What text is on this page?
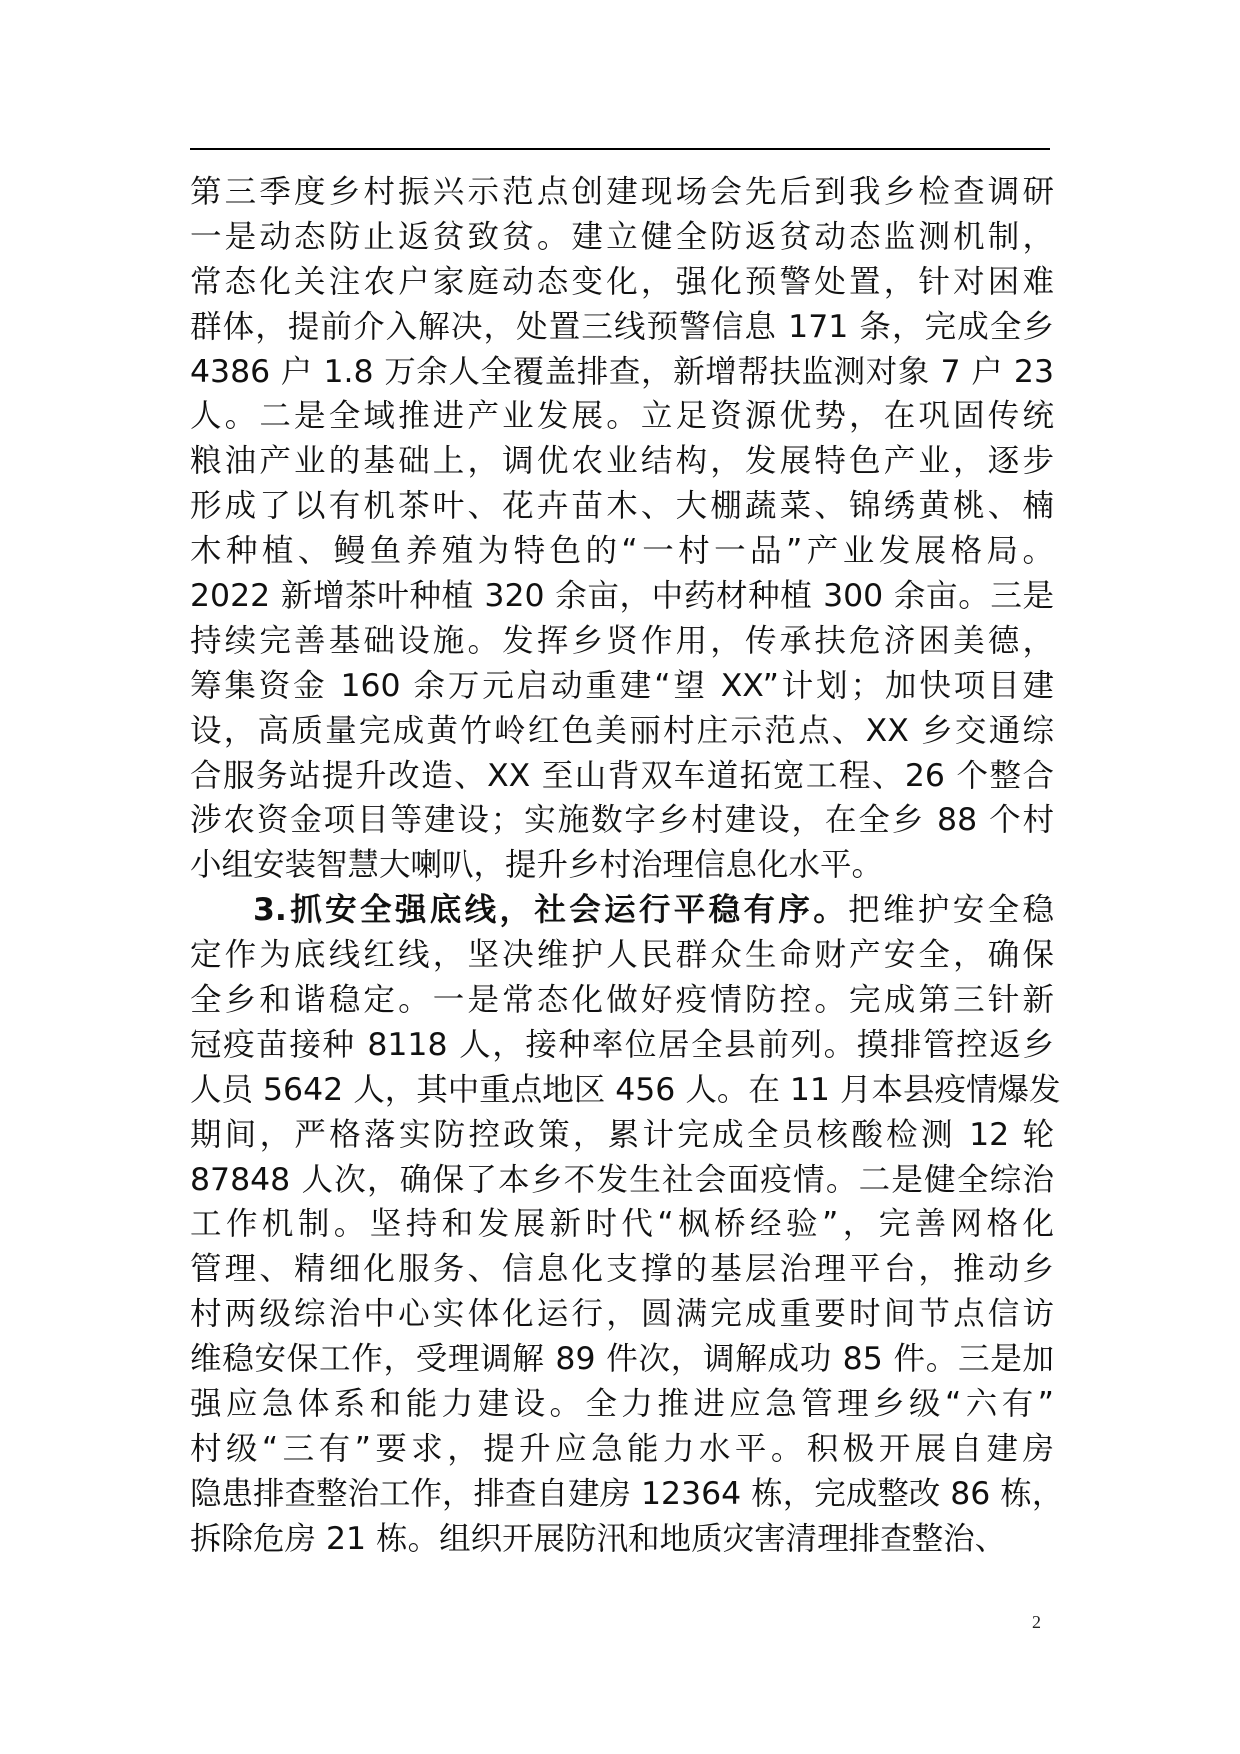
第三季度乡村振兴示范点创建现场会先后到我乡检查调研
一是动态防止返贫致贫。建立健全防返贫动态监测机制，
常态化关注农户家庭动态变化，强化预警处置，针对困难
群体，提前介入解决，处置三线预警信息 171 条，完成全乡
4386 户 1.8 万余人全覆盖排查，新增帮扶监测对象 7 户 23
人。二是全域推进产业发展。立足资源优势，在巩固传统
粮油产业的基础上，调优农业结构，发展特色产业，逐步
形成了以有机茶叶、花卉苗木、大棚蔬菜、锦绣黄桃、楠
木种植、鳗鱼养殖为特色的“一村一品”产业发展格局。
2022 新增茶叶种植 320 余亩，中药材种植 300 余亩。三是
持续完善基础设施。发挥乡贤作用，传承扶危济困美德，
筹集资金 160 余万元启动重建“望 XX”计划；加快项目建
设，高质量完成黄竹岭红色美丽村庄示范点、XX 乡交通综
合服务站提升改造、XX 至山背双车道拓宽工程、26 个整合
涉农资金项目等建设；实施数字乡村建设，在全乡 88 个村
小组安装智慧大喇叭，提升乡村治理信息化水平。
3.抓安全强底线，社会运行平稳有序。把维护安全稳
定作为底线红线，坚决维护人民群众生命财产安全，确保
全乡和谐稳定。一是常态化做好疫情防控。完成第三针新
冠疫苗接种 8118 人，接种率位居全县前列。摸排管控返乡
人员 5642 人，其中重点地区 456 人。在 11 月本县疫情爆发
期间，严格落实防控政策，累计完成全员核酸检测 12 轮
87848 人次，确保了本乡不发生社会面疫情。二是健全综治
工作机制。坚持和发展新时代“枫桥经验”，完善网格化
管理、精细化服务、信息化支撑的基层治理平台，推动乡
村两级综治中心实体化运行，圆满完成重要时间节点信访
维稳安保工作，受理调解 89 件次，调解成功 85 件。三是加
强应急体系和能力建设。全力推进应急管理乡级“六有”
村级“三有”要求，提升应急能力水平。积极开展自建房
隐患排查整治工作，排查自建房 12364 栋，完成整改 86 栋，
拆除危房 21 栋。组织开展防汛和地质灾害清理排查整治、
2
